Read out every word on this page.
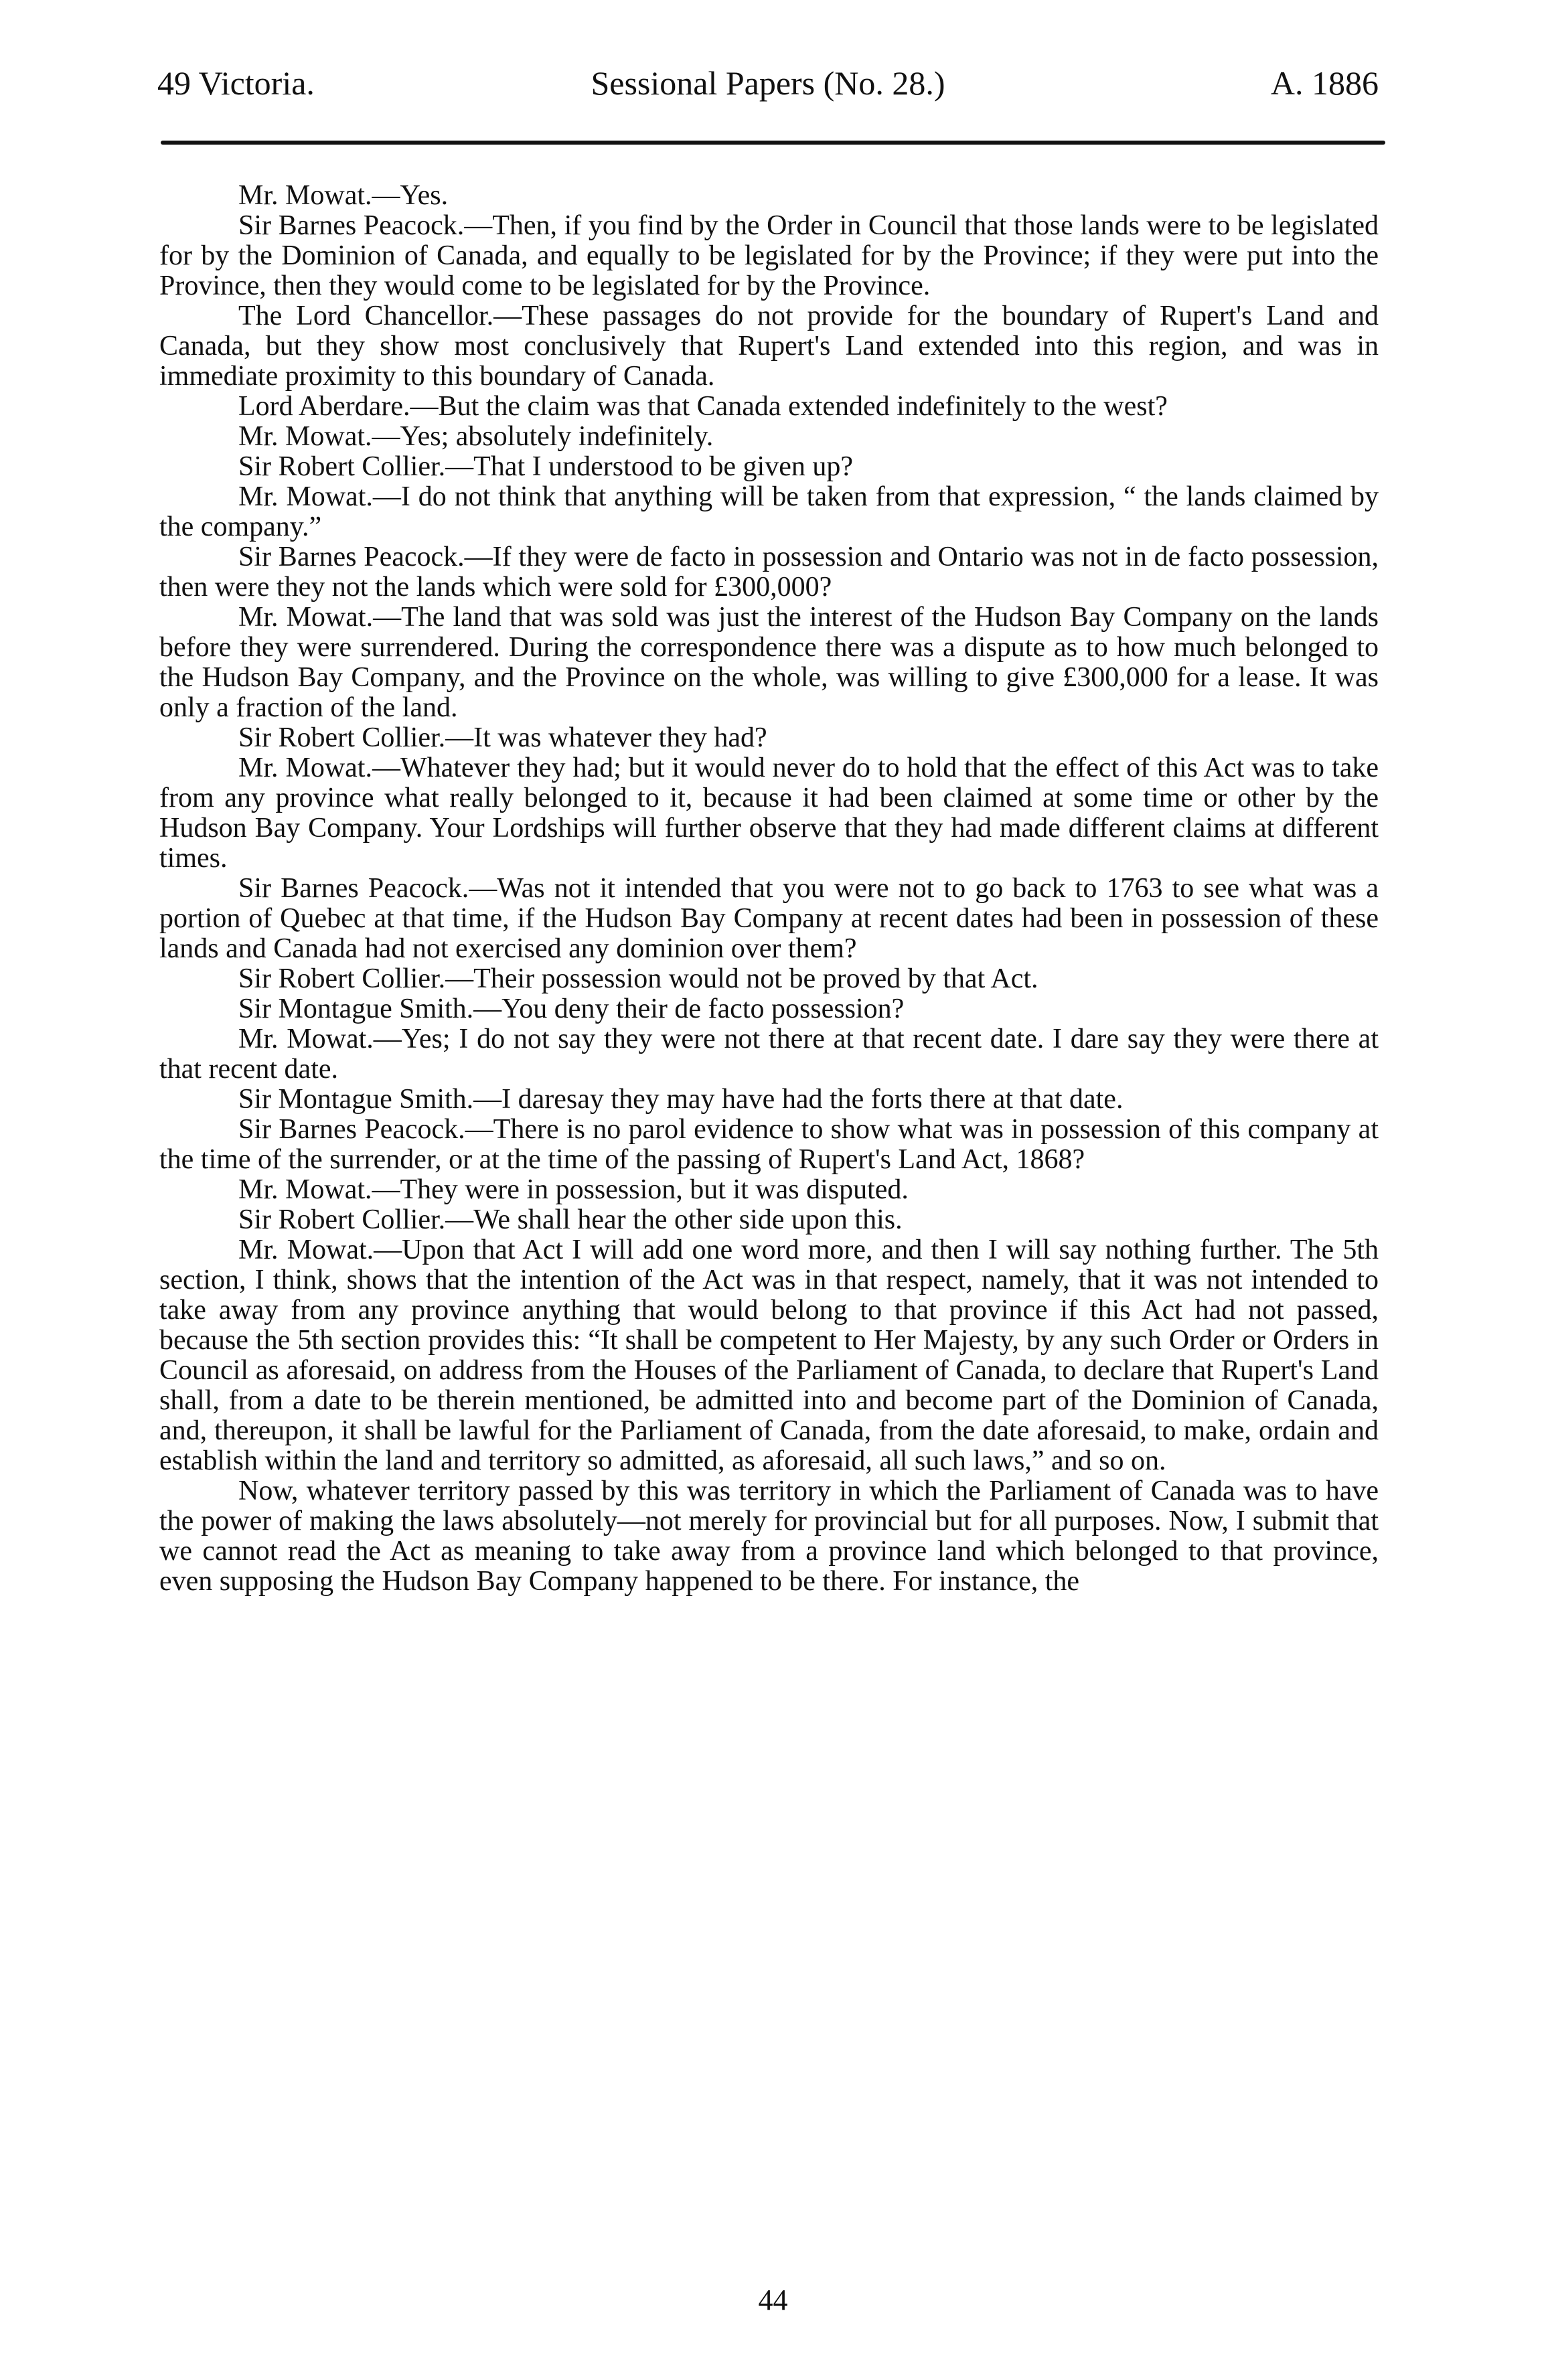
49 Victoria.	Sessional Papers (No. 28.)	A. 1886

Mr. Mowat.—Yes.

Sir Barnes Peacock.—Then, if you find by the Order in Council that those lands were to be legislated for by the Dominion of Canada, and equally to be legislated for by the Province; if they were put into the Province, then they would come to be legislated for by the Province.

The Lord Chancellor.—These passages do not provide for the boundary of Rupert's Land and Canada, but they show most conclusively that Rupert's Land extended into this region, and was in immediate proximity to this boundary of Canada.

Lord Aberdare.—But the claim was that Canada extended indefinitely to the west?

Mr. Mowat.—Yes; absolutely indefinitely.

Sir Robert Collier.—That I understood to be given up?

Mr. Mowat.—I do not think that anything will be taken from that expression, “ the lands claimed by the company.”

Sir Barnes Peacock.—If they were de facto in possession and Ontario was not in de facto possession, then were they not the lands which were sold for £300,000?

Mr. Mowat.—The land that was sold was just the interest of the Hudson Bay Company on the lands before they were surrendered. During the correspondence there was a dispute as to how much belonged to the Hudson Bay Company, and the Province on the whole, was willing to give £300,000 for a lease. It was only a fraction of the land.

Sir Robert Collier.—It was whatever they had?

Mr. Mowat.—Whatever they had; but it would never do to hold that the effect of this Act was to take from any province what really belonged to it, because it had been claimed at some time or other by the Hudson Bay Company. Your Lordships will further observe that they had made different claims at different times.

Sir Barnes Peacock.—Was not it intended that you were not to go back to 1763 to see what was a portion of Quebec at that time, if the Hudson Bay Company at recent dates had been in possession of these lands and Canada had not exercised any dominion over them?

Sir Robert Collier.—Their possession would not be proved by that Act.

Sir Montague Smith.—You deny their de facto possession?

Mr. Mowat.—Yes; I do not say they were not there at that recent date. I dare say they were there at that recent date.

Sir Montague Smith.—I daresay they may have had the forts there at that date.

Sir Barnes Peacock.—There is no parol evidence to show what was in possession of this company at the time of the surrender, or at the time of the passing of Rupert's Land Act, 1868?

Mr. Mowat.—They were in possession, but it was disputed.

Sir Robert Collier.—We shall hear the other side upon this.

Mr. Mowat.—Upon that Act I will add one word more, and then I will say nothing further. The 5th section, I think, shows that the intention of the Act was in that respect, namely, that it was not intended to take away from any province anything that would belong to that province if this Act had not passed, because the 5th section provides this: “It shall be competent to Her Majesty, by any such Order or Orders in Council as aforesaid, on address from the Houses of the Parliament of Canada, to declare that Rupert's Land shall, from a date to be therein mentioned, be admitted into and become part of the Dominion of Canada, and, thereupon, it shall be lawful for the Parliament of Canada, from the date aforesaid, to make, ordain and establish within the land and territory so admitted, as aforesaid, all such laws,” and so on.

Now, whatever territory passed by this was territory in which the Parliament of Canada was to have the power of making the laws absolutely—not merely for provincial but for all purposes. Now, I submit that we cannot read the Act as meaning to take away from a province land which belonged to that province, even supposing the Hudson Bay Company happened to be there. For instance, the

44
